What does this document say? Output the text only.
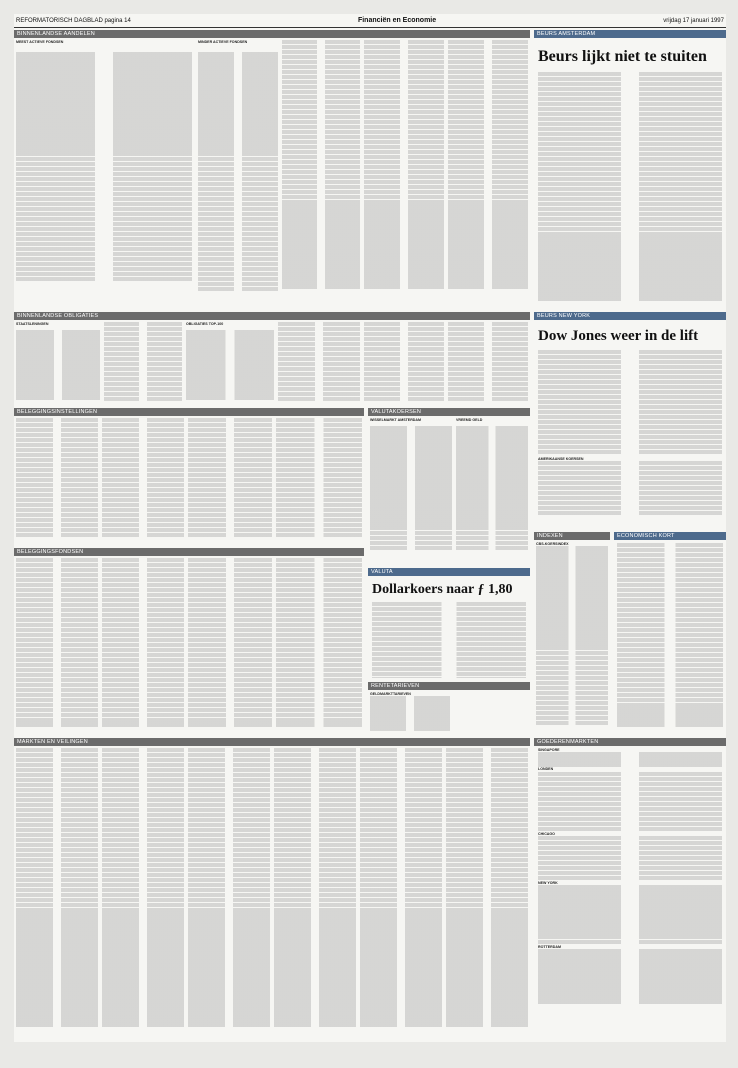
REFORMATORISCH DAGBLAD pagina 14	Financiën en Economie	vrijdag 17 januari 1997
BINNENLANDSE AANDELEN
MEEST ACTIEVE FONDSEN	MINDER ACTIEVE FONDSEN
BEURS AMSTERDAM
Beurs lijkt niet te stuiten
BINNENLANDSE OBLIGATIES
STAATSLENINGEN	OBLIGATIES TOP-100
BEURS NEW YORK
Dow Jones weer in de lift
AMERIKAANSE KOERSEN
BELEGGINGSINSTELLINGEN	VALUTAKOERSEN
WISSELMARKT AMSTERDAM	VREEMD GELD
INDEXEN
CBS-KOERSINDEX
ECONOMISCH KORT
BELEGGINGSFONDSEN
VALUTA
Dollarkoers naar ƒ 1,80
RENTETARIEVEN
GELDMARKTTARIEVEN
MARKTEN EN VEILINGEN	GOEDERENMARKTEN
SINGAPORE
LONDEN
CHICAGO
NEW YORK
ROTTERDAM
